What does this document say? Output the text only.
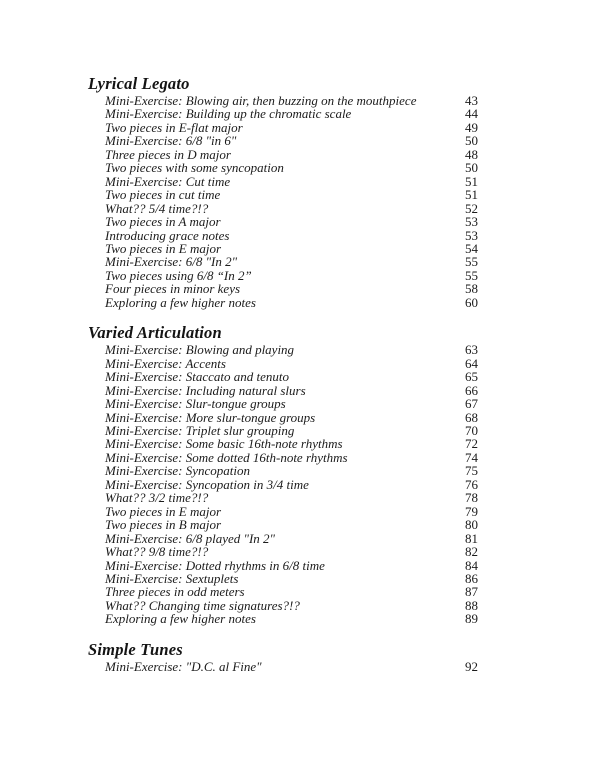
Lyrical Legato
Mini-Exercise: Blowing air, then buzzing on the mouthpiece	43
Mini-Exercise: Building up the chromatic scale	44
Two pieces in E-flat major	49
Mini-Exercise: 6/8 "in 6"	50
Three pieces in D major	48
Two pieces with some syncopation	50
Mini-Exercise: Cut time	51
Two pieces in cut time	51
What?? 5/4 time?!?	52
Two pieces in A major	53
Introducing grace notes	53
Two pieces in E major	54
Mini-Exercise: 6/8 "In 2"	55
Two pieces using 6/8 “In 2”	55
Four pieces in minor keys	58
Exploring a few higher notes	60
Varied Articulation
Mini-Exercise: Blowing and playing	63
Mini-Exercise: Accents	64
Mini-Exercise: Staccato and tenuto	65
Mini-Exercise: Including natural slurs	66
Mini-Exercise: Slur-tongue groups	67
Mini-Exercise: More slur-tongue groups	68
Mini-Exercise: Triplet slur grouping	70
Mini-Exercise: Some basic 16th-note rhythms	72
Mini-Exercise: Some dotted 16th-note rhythms	74
Mini-Exercise: Syncopation	75
Mini-Exercise: Syncopation in 3/4 time	76
What?? 3/2 time?!?	78
Two pieces in E major	79
Two pieces in B major	80
Mini-Exercise: 6/8 played "In 2"	81
What?? 9/8 time?!?	82
Mini-Exercise: Dotted rhythms in 6/8 time	84
Mini-Exercise: Sextuplets	86
Three pieces in odd meters	87
What?? Changing time signatures?!?	88
Exploring a few higher notes	89
Simple Tunes
Mini-Exercise: "D.C. al Fine"	92
